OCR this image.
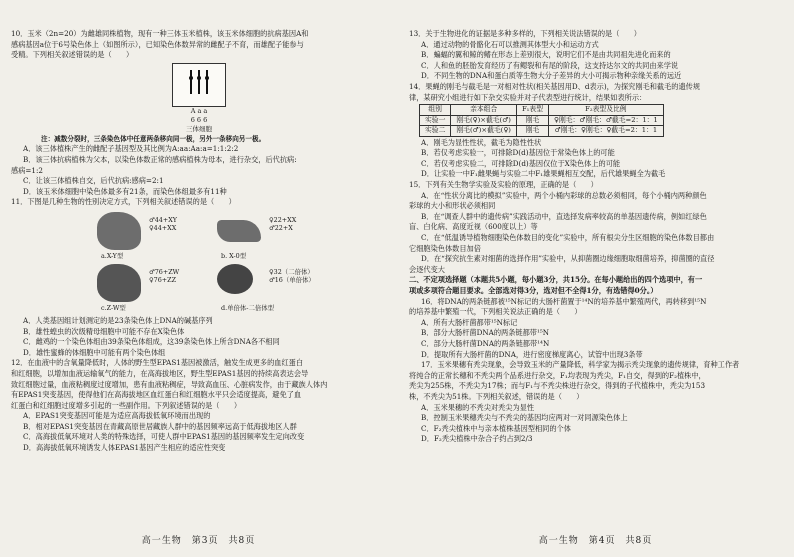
10．玉米（2n=20）为雌雄同株植物，现有一种三体玉米植株，该玉米体细胞的抗病基因A和

感病基因a位于6号染色体上（如图所示），已知染色体数异常的雌配子不育，而雄配子能参与

受精。下列相关叙述错误的是（　　）

A a a
6 6 6
三体细胞

注：减数分裂时，三条染色体中任意两条移向同一极，另外一条移向另一极。

A．该三体植株产生的雌配子基因型及其比例为A:aa:Aa:a=1:1:2:2

B．该三体抗病植株为父本，以染色体数正常的感病植株为母本，进行杂交，后代抗病:

感病=1:2

C．让该三体植株自交，后代抗病:感病=2:1

D．该玉米体细胞中染色体最多有21条，而染色体组最多有11种

11．下图是几种生物的性别决定方式，下列相关叙述错误的是（　　）

♂44+XY
♀44+XX
a.X-Y型
♀22+XX
♂22+X
b. X-0型
♂76+ZW
♀76+ZZ
c.Z-W型
♀32（二倍体）
♂16（单倍体）
d.单倍体-二倍体型

A．人类基因组计划测定的是23条染色体上DNA的碱基序列

B．雄性蝗虫的次级精母细胞中可能不存在X染色体

C．雌鸡的一个染色体组由39条染色体组成，这39条染色体上所含DNA各不相同

D．雄性蜜蜂的体细胞中可能有两个染色体组

12．在血液中的含氧量降低时，人体的野生型EPAS1基因被激活，触发生成更多的血红蛋白

和红细胞，以增加血液运输氧气的能力，在高海拔地区，野生型EPAS1基因的持续高表达会导

致红细胞过量，血液粘稠度过度增加，患有血液粘稠症，导致高血压、心脏病发作，由于藏族人体内

有EPAS1突变基因，使得他们在高海拔地区血红蛋白和红细胞水平只会适度提高，避免了血

红蛋白和红细胞过度增多引起的一些副作用。下列叙述错误的是（　　）

A．EPAS1突变基因可能是为适应高海拔低氧环境而出现的

B．相对EPAS1突变基因在青藏高原世居藏族人群中的基因频率远高于低海拔地区人群

C．高海拔低氧环境对人类的特殊选择，可使人群中EPAS1基因的基因频率发生定向改变

D．高海拔低氧环境诱发人体EPAS1基因产生相应的适应性突变

高一生物　第3页　共8页

13．关于生物进化的证据是多种多样的，下列相关说法错误的是（　　）

A．通过动物的骨骼化石可以推测其体型大小和运动方式

B．蝙蝠的翼和鲸的鳍在形态上差别很大，说明它们不是由共同祖先进化而来的

C．人和鱼的胚胎发育经历了有鳃裂和有尾的阶段，这支持达尔文的共同由来学说

D．不同生物的DNA和蛋白质等生物大分子差异的大小可揭示物种亲缘关系的远近

14．果蝇的刚毛与截毛是一对相对性状(相关基因用D、d表示)，为探究刚毛和截毛的遗传规

律，某研究小组进行如下杂交实验并对子代表型进行统计，结果如表所示：

组别	亲本组合	F₁表型	F₂表型及比例
实验一	刚毛(♀)×截毛(♂)	刚毛	♀刚毛：♂刚毛：♂截毛=2：1：1
实验二	刚毛(♂)×截毛(♀)	刚毛	♂刚毛：♀刚毛：♀截毛=2：1：1

A．刚毛为显性性状，截毛为隐性性状

B．若仅考虑实验一，可排除D(d)基因位于常染色体上的可能

C．若仅考虑实验二，可排除D(d)基因仅位于X染色体上的可能

D．让实验一中F₁雌果蝇与实验二中F₁雄果蝇相互交配，后代雄果蝇全为截毛

15．下列有关生物学实验及实验的原理，正确的是（　　）

A．在“性状分离比的模拟”实验中，两个小桶内彩球的总数必须相同，每个小桶内两种颜色

彩球的大小和形状必须相同

B．在“调查人群中的遗传病”实践活动中，直选择发病率较高的单基因遗传病，例如红绿色

盲、白化病、高度近视（600度以上）等

C．在“低温诱导植物细胞染色体数目的变化”实验中，所有根尖分生区细胞的染色体数目都由

它细胞染色体数目加倍

D．在“探究抗生素对细菌的选择作用”实验中，从抑菌圈边缘细胞取细菌培养，抑菌圈的直径

会逐代变大

二、不定项选择题（本题共5小题，每小题3分，共15分。在每小题给出的四个选项中，有一

项或多项符合题目要求。全部选对得3分，选对但不全得1分，有选错得0分。）

16．将DNA的两条链都被¹⁵N标记的大肠杆菌置于¹⁴N的培养基中繁殖两代，再转移到¹⁵N

的培养基中繁殖一代，下列相关说法正确的是（　　）

A．所有大肠杆菌都带¹⁵N标记

B．部分大肠杆菌DNA的两条链都带¹⁵N

C．部分大肠杆菌DNA的两条链都带¹⁴N

D．提取所有大肠杆菌的DNA，进行密度梯度离心，试管中出现3条带

17．玉米果穗有秃尖现象，会导致玉米的产量降低，科学家为揭示秃尖现象的遗传规律，育种工作者

将纯合的正常长穗和不秃尖两个品系进行杂交，F₁均表现为秃尖，F₁自交，得到的F₂植株中，

秃尖为255株，不秃尖为17株；而与F₁与不秃尖株进行杂交，得到的子代植株中，秃尖为153

株，不秃尖为51株。下列相关叙述，错误的是（　　）

A．玉米果穗的不秃尖对秃尖为显性

B．控制玉米果穗秃尖与不秃尖的基因均应两对一对同源染色体上

C．F₂秃尖植株中与亲本植株基因型相同的个体

D．F₂秃尖植株中杂合子约占到2/3

高一生物　第4页　共8页
